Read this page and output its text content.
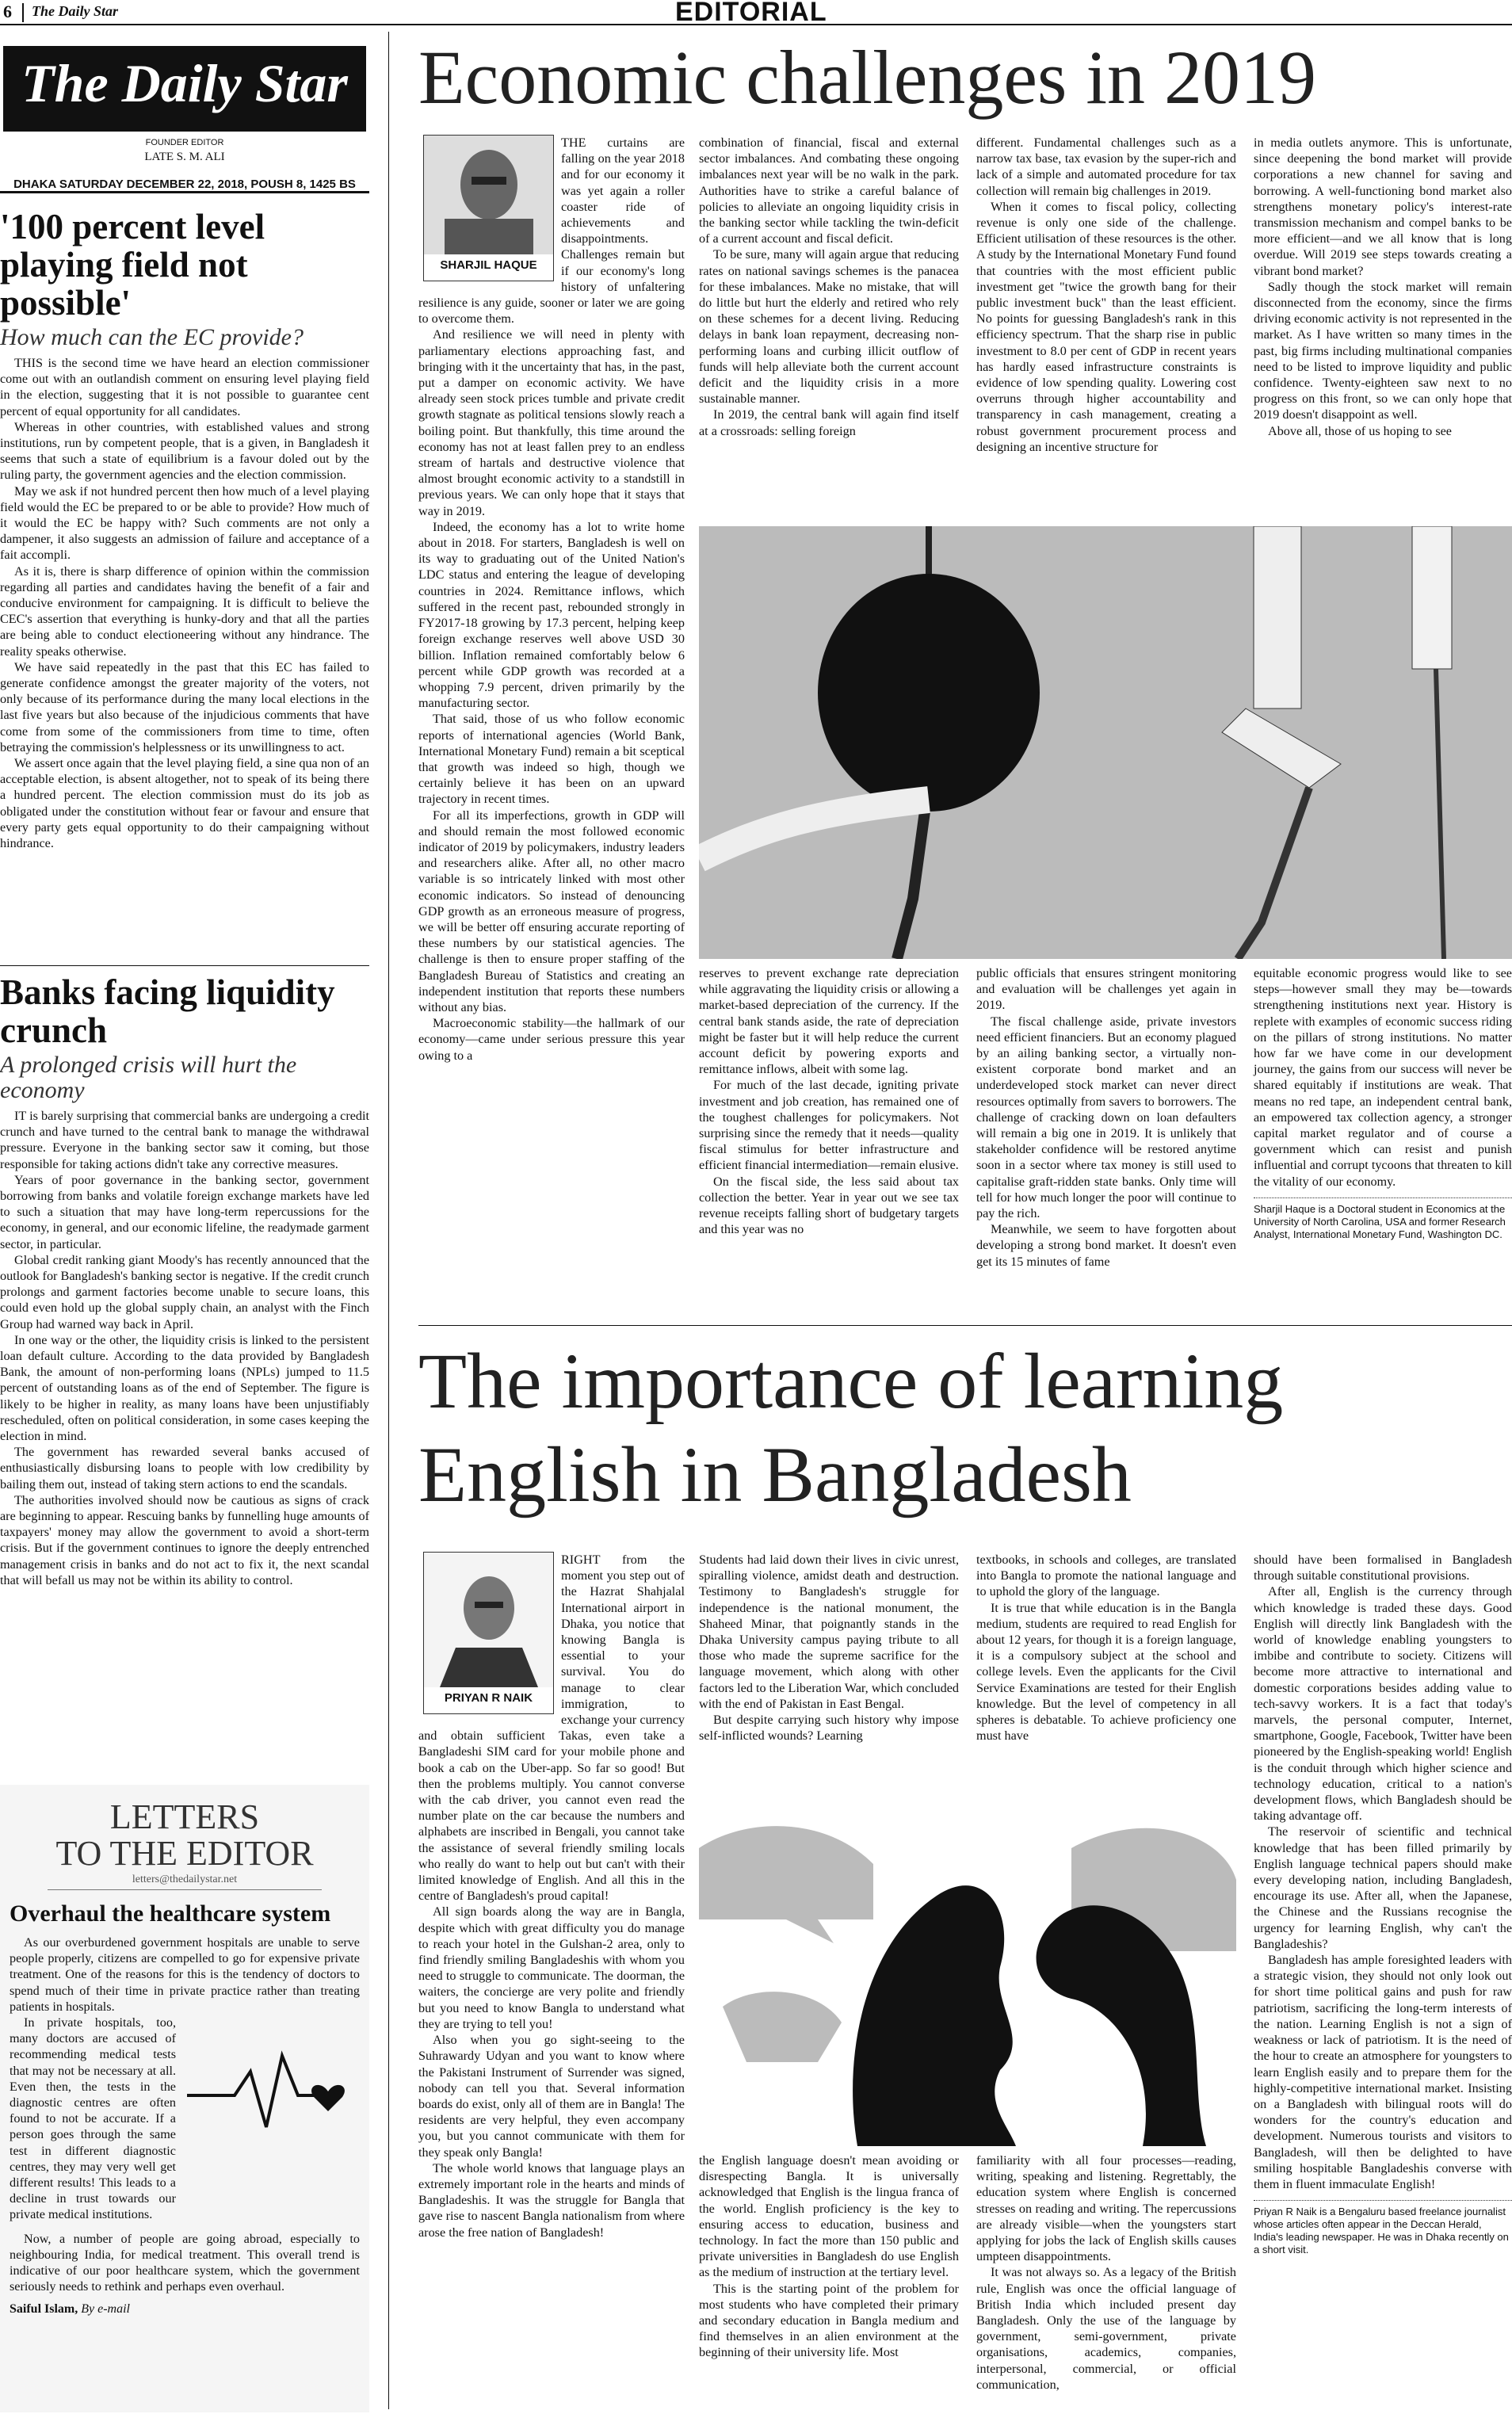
6 The Daily Star	EDITORIAL
The Daily Star
FOUNDER EDITOR
LATE S. M. ALI
DHAKA SATURDAY DECEMBER 22, 2018, POUSH 8, 1425 BS
'100 percent level playing field not possible'
How much can the EC provide?

THIS is the second time we have heard an election commissioner come out with an outlandish comment on ensuring level playing field in the election, suggesting that it is not possible to guarantee cent percent of equal opportunity for all candidates.

Whereas in other countries, with established values and strong institutions, run by competent people, that is a given, in Bangladesh it seems that such a state of equilibrium is a favour doled out by the ruling party, the government agencies and the election commission.

May we ask if not hundred percent then how much of a level playing field would the EC be prepared to or be able to provide? How much of it would the EC be happy with? Such comments are not only a dampener, it also suggests an admission of failure and acceptance of a fait accompli.

As it is, there is sharp difference of opinion within the commission regarding all parties and candidates having the benefit of a fair and conducive environment for campaigning. It is difficult to believe the CEC's assertion that everything is hunky-dory and that all the parties are being able to conduct electioneering without any hindrance. The reality speaks otherwise.

We have said repeatedly in the past that this EC has failed to generate confidence amongst the greater majority of the voters, not only because of its performance during the many local elections in the last five years but also because of the injudicious comments that have come from some of the commissioners from time to time, often betraying the commission's helplessness or its unwillingness to act.

We assert once again that the level playing field, a sine qua non of an acceptable election, is absent altogether, not to speak of its being there a hundred percent. The election commission must do its job as obligated under the constitution without fear or favour and ensure that every party gets equal opportunity to do their campaigning without hindrance.

Banks facing liquidity crunch
A prolonged crisis will hurt the economy

IT is barely surprising that commercial banks are undergoing a credit crunch and have turned to the central bank to manage the withdrawal pressure. Everyone in the banking sector saw it coming, but those responsible for taking actions didn't take any corrective measures.

Years of poor governance in the banking sector, government borrowing from banks and volatile foreign exchange markets have led to such a situation that may have long-term repercussions for the economy, in general, and our economic lifeline, the readymade garment sector, in particular.

Global credit ranking giant Moody's has recently announced that the outlook for Bangladesh's banking sector is negative. If the credit crunch prolongs and garment factories become unable to secure loans, this could even hold up the global supply chain, an analyst with the Finch Group had warned way back in April.

In one way or the other, the liquidity crisis is linked to the persistent loan default culture. According to the data provided by Bangladesh Bank, the amount of non-performing loans (NPLs) jumped to 11.5 percent of outstanding loans as of the end of September. The figure is likely to be higher in reality, as many loans have been unjustifiably rescheduled, often on political consideration, in some cases keeping the election in mind.

The government has rewarded several banks accused of enthusiastically disbursing loans to people with low credibility by bailing them out, instead of taking stern actions to end the scandals.

The authorities involved should now be cautious as signs of crack are beginning to appear. Rescuing banks by funnelling huge amounts of taxpayers' money may allow the government to avoid a short-term crisis. But if the government continues to ignore the deeply entrenched management crisis in banks and do not act to fix it, the next scandal that will befall us may not be within its ability to control.

LETTERS
TO THE EDITOR
letters@thedailystar.net
Overhaul the healthcare system

As our overburdened government hospitals are unable to serve people properly, citizens are compelled to go for expensive private treatment. One of the reasons for this is the tendency of doctors to spend much of their time in private practice rather than treating patients in hospitals.

In private hospitals, too, many doctors are accused of recommending medical tests that may not be necessary at all. Even then, the tests in the diagnostic centres are often found to not be accurate. If a person goes through the same test in different diagnostic centres, they may very well get different results! This leads to a decline in trust towards our private medical institutions.

Now, a number of people are going abroad, especially to neighbouring India, for medical treatment. This overall trend is indicative of our poor healthcare system, which the government seriously needs to rethink and perhaps even overhaul.

Saiful Islam, By e-mail
Economic challenges in 2019
SHARJIL HAQUE

THE curtains are falling on the year 2018 and for our economy it was yet again a roller coaster ride of achievements and disappointments. Challenges remain but if our economy's long history of unfaltering resilience is any guide, sooner or later we are going to overcome them.

And resilience we will need in plenty with parliamentary elections approaching fast, and bringing with it the uncertainty that has, in the past, put a damper on economic activity. We have already seen stock prices tumble and private credit growth stagnate as political tensions slowly reach a boiling point. But thankfully, this time around the economy has not at least fallen prey to an endless stream of hartals and destructive violence that almost brought economic activity to a standstill in previous years. We can only hope that it stays that way in 2019.

Indeed, the economy has a lot to write home about in 2018. For starters, Bangladesh is well on its way to graduating out of the United Nation's LDC status and entering the league of developing countries in 2024. Remittance inflows, which suffered in the recent past, rebounded strongly in FY2017-18 growing by 17.3 percent, helping keep foreign exchange reserves well above USD 30 billion. Inflation remained comfortably below 6 percent while GDP growth was recorded at a whopping 7.9 percent, driven primarily by the manufacturing sector.

That said, those of us who follow economic reports of international agencies (World Bank, International Monetary Fund) remain a bit sceptical that growth was indeed so high, though we certainly believe it has been on an upward trajectory in recent times.

For all its imperfections, growth in GDP will and should remain the most followed economic indicator of 2019 by policymakers, industry leaders and researchers alike. After all, no other macro variable is so intricately linked with most other economic indicators. So instead of denouncing GDP growth as an erroneous measure of progress, we will be better off ensuring accurate reporting of these numbers by our statistical agencies. The challenge is then to ensure proper staffing of the Bangladesh Bureau of Statistics and creating an independent institution that reports these numbers without any bias.

Macroeconomic stability—the hallmark of our economy—came under serious pressure this year owing to a

combination of financial, fiscal and external sector imbalances. And combating these ongoing imbalances next year will be no walk in the park. Authorities have to strike a careful balance of policies to alleviate an ongoing liquidity crisis in the banking sector while tackling the twin-deficit of a current account and fiscal deficit.

To be sure, many will again argue that reducing rates on national savings schemes is the panacea for these imbalances. Make no mistake, that will do little but hurt the elderly and retired who rely on these schemes for a decent living. Reducing delays in bank loan repayment, decreasing non-performing loans and curbing illicit outflow of funds will help alleviate both the current account deficit and the liquidity crisis in a more sustainable manner.

In 2019, the central bank will again find itself at a crossroads: selling foreign

different. Fundamental challenges such as a narrow tax base, tax evasion by the super-rich and lack of a simple and automated procedure for tax collection will remain big challenges in 2019.

When it comes to fiscal policy, collecting revenue is only one side of the challenge. Efficient utilisation of these resources is the other. A study by the International Monetary Fund found that countries with the most efficient public investment get "twice the growth bang for their public investment buck" than the least efficient. No points for guessing Bangladesh's rank in this efficiency spectrum. That the sharp rise in public investment to 8.0 per cent of GDP in recent years has hardly eased infrastructure constraints is evidence of low spending quality. Lowering cost overruns through higher accountability and transparency in cash management, creating a robust government procurement process and designing an incentive structure for

in media outlets anymore. This is unfortunate, since deepening the bond market will provide corporations a new channel for saving and borrowing. A well-functioning bond market also strengthens monetary policy's interest-rate transmission mechanism and compel banks to be more efficient—and we all know that is long overdue. Will 2019 see steps towards creating a vibrant bond market?

Sadly though the stock market will remain disconnected from the economy, since the firms driving economic activity is not represented in the market. As I have written so many times in the past, big firms including multinational companies need to be listed to improve liquidity and public confidence. Twenty-eighteen saw next to no progress on this front, so we can only hope that 2019 doesn't disappoint as well.

Above all, those of us hoping to see

reserves to prevent exchange rate depreciation while aggravating the liquidity crisis or allowing a market-based depreciation of the currency. If the central bank stands aside, the rate of depreciation might be faster but it will help reduce the current account deficit by powering exports and remittance inflows, albeit with some lag.

For much of the last decade, igniting private investment and job creation, has remained one of the toughest challenges for policymakers. Not surprising since the remedy that it needs—quality fiscal stimulus for better infrastructure and efficient financial intermediation—remain elusive.

On the fiscal side, the less said about tax collection the better. Year in year out we see tax revenue receipts falling short of budgetary targets and this year was no

public officials that ensures stringent monitoring and evaluation will be challenges yet again in 2019.

The fiscal challenge aside, private investors need efficient financiers. But an economy plagued by an ailing banking sector, a virtually non-existent corporate bond market and an underdeveloped stock market can never direct resources optimally from savers to borrowers. The challenge of cracking down on loan defaulters will remain a big one in 2019. It is unlikely that stakeholder confidence will be restored anytime soon in a sector where tax money is still used to capitalise graft-ridden state banks. Only time will tell for how much longer the poor will continue to pay the rich.

Meanwhile, we seem to have forgotten about developing a strong bond market. It doesn't even get its 15 minutes of fame

equitable economic progress would like to see steps—however small they may be—towards strengthening institutions next year. History is replete with examples of economic success riding on the pillars of strong institutions. No matter how far we have come in our development journey, the gains from our success will never be shared equitably if institutions are weak. That means no red tape, an independent central bank, an empowered tax collection agency, a stronger capital market regulator and of course a government which can resist and punish influential and corrupt tycoons that threaten to kill the vitality of our economy.

Sharjil Haque is a Doctoral student in Economics at the University of North Carolina, USA and former Research Analyst, International Monetary Fund, Washington DC.
The importance of learning
English in Bangladesh
PRIYAN R NAIK

RIGHT from the moment you step out of the Hazrat Shahjalal International airport in Dhaka, you notice that knowing Bangla is essential to your survival. You do manage to clear immigration, to exchange your currency and obtain sufficient Takas, even take a Bangladeshi SIM card for your mobile phone and book a cab on the Uber-app. So far so good! But then the problems multiply. You cannot converse with the cab driver, you cannot even read the number plate on the car because the numbers and alphabets are inscribed in Bengali, you cannot take the assistance of several friendly smiling locals who really do want to help out but can't with their limited knowledge of English. And all this in the centre of Bangladesh's proud capital!

All sign boards along the way are in Bangla, despite which with great difficulty you do manage to reach your hotel in the Gulshan-2 area, only to find friendly smiling Bangladeshis with whom you need to struggle to communicate. The doorman, the waiters, the concierge are very polite and friendly but you need to know Bangla to understand what they are trying to tell you!

Also when you go sight-seeing to the Suhrawardy Udyan and you want to know where the Pakistani Instrument of Surrender was signed, nobody can tell you that. Several information boards do exist, only all of them are in Bangla! The residents are very helpful, they even accompany you, but you cannot communicate with them for they speak only Bangla!

The whole world knows that language plays an extremely important role in the hearts and minds of Bangladeshis. It was the struggle for Bangla that gave rise to nascent Bangla nationalism from where arose the free nation of Bangladesh!

Students had laid down their lives in civic unrest, spiralling violence, amidst death and destruction. Testimony to Bangladesh's struggle for independence is the national monument, the Shaheed Minar, that poignantly stands in the Dhaka University campus paying tribute to all those who made the supreme sacrifice for the language movement, which along with other factors led to the Liberation War, which concluded with the end of Pakistan in East Bengal.

But despite carrying such history why impose self-inflicted wounds? Learning

textbooks, in schools and colleges, are translated into Bangla to promote the national language and to uphold the glory of the language.

It is true that while education is in the Bangla medium, students are required to read English for about 12 years, for though it is a foreign language, it is a compulsory subject at the school and college levels. Even the applicants for the Civil Service Examinations are tested for their English knowledge. But the level of competency in all spheres is debatable. To achieve proficiency one must have

should have been formalised in Bangladesh through suitable constitutional provisions.

After all, English is the currency through which knowledge is traded these days. Good English will directly link Bangladesh with the world of knowledge enabling youngsters to imbibe and contribute to society. Citizens will become more attractive to international and domestic corporations besides adding value to tech-savvy workers. It is a fact that today's marvels, the personal computer, Internet, smartphone, Google, Facebook, Twitter have been pioneered by the English-speaking world! English is the conduit through which higher science and technology education, critical to a nation's development flows, which Bangladesh should be taking advantage off.

The reservoir of scientific and technical knowledge that has been filled primarily by English language technical papers should make every developing nation, including Bangladesh, encourage its use. After all, when the Japanese, the Chinese and the Russians recognise the urgency for learning English, why can't the Bangladeshis?

Bangladesh has ample foresighted leaders with a strategic vision, they should not only look out for short time political gains and push for raw patriotism, sacrificing the long-term interests of the nation. Learning English is not a sign of weakness or lack of patriotism. It is the need of the hour to create an atmosphere for youngsters to learn English easily and to prepare them for the highly-competitive international market. Insisting on a Bangladesh with bilingual roots will do wonders for the country's education and development. Numerous tourists and visitors to Bangladesh, will then be delighted to have smiling hospitable Bangladeshis converse with them in fluent immaculate English!

Priyan R Naik is a Bengaluru based freelance journalist whose articles often appear in the Deccan Herald, India's leading newspaper. He was in Dhaka recently on a short visit.

the English language doesn't mean avoiding or disrespecting Bangla. It is universally acknowledged that English is the lingua franca of the world. English proficiency is the key to ensuring access to education, business and technology. In fact the more than 150 public and private universities in Bangladesh do use English as the medium of instruction at the tertiary level.

This is the starting point of the problem for most students who have completed their primary and secondary education in Bangla medium and find themselves in an alien environment at the beginning of their university life. Most

familiarity with all four processes—reading, writing, speaking and listening. Regrettably, the education system where English is concerned stresses on reading and writing. The repercussions are already visible—when the youngsters start applying for jobs the lack of English skills causes umpteen disappointments.

It was not always so. As a legacy of the British rule, English was once the official language of British India which included present day Bangladesh. Only the use of the language by government, semi-government, private organisations, academics, companies, interpersonal, commercial, or official communication,
